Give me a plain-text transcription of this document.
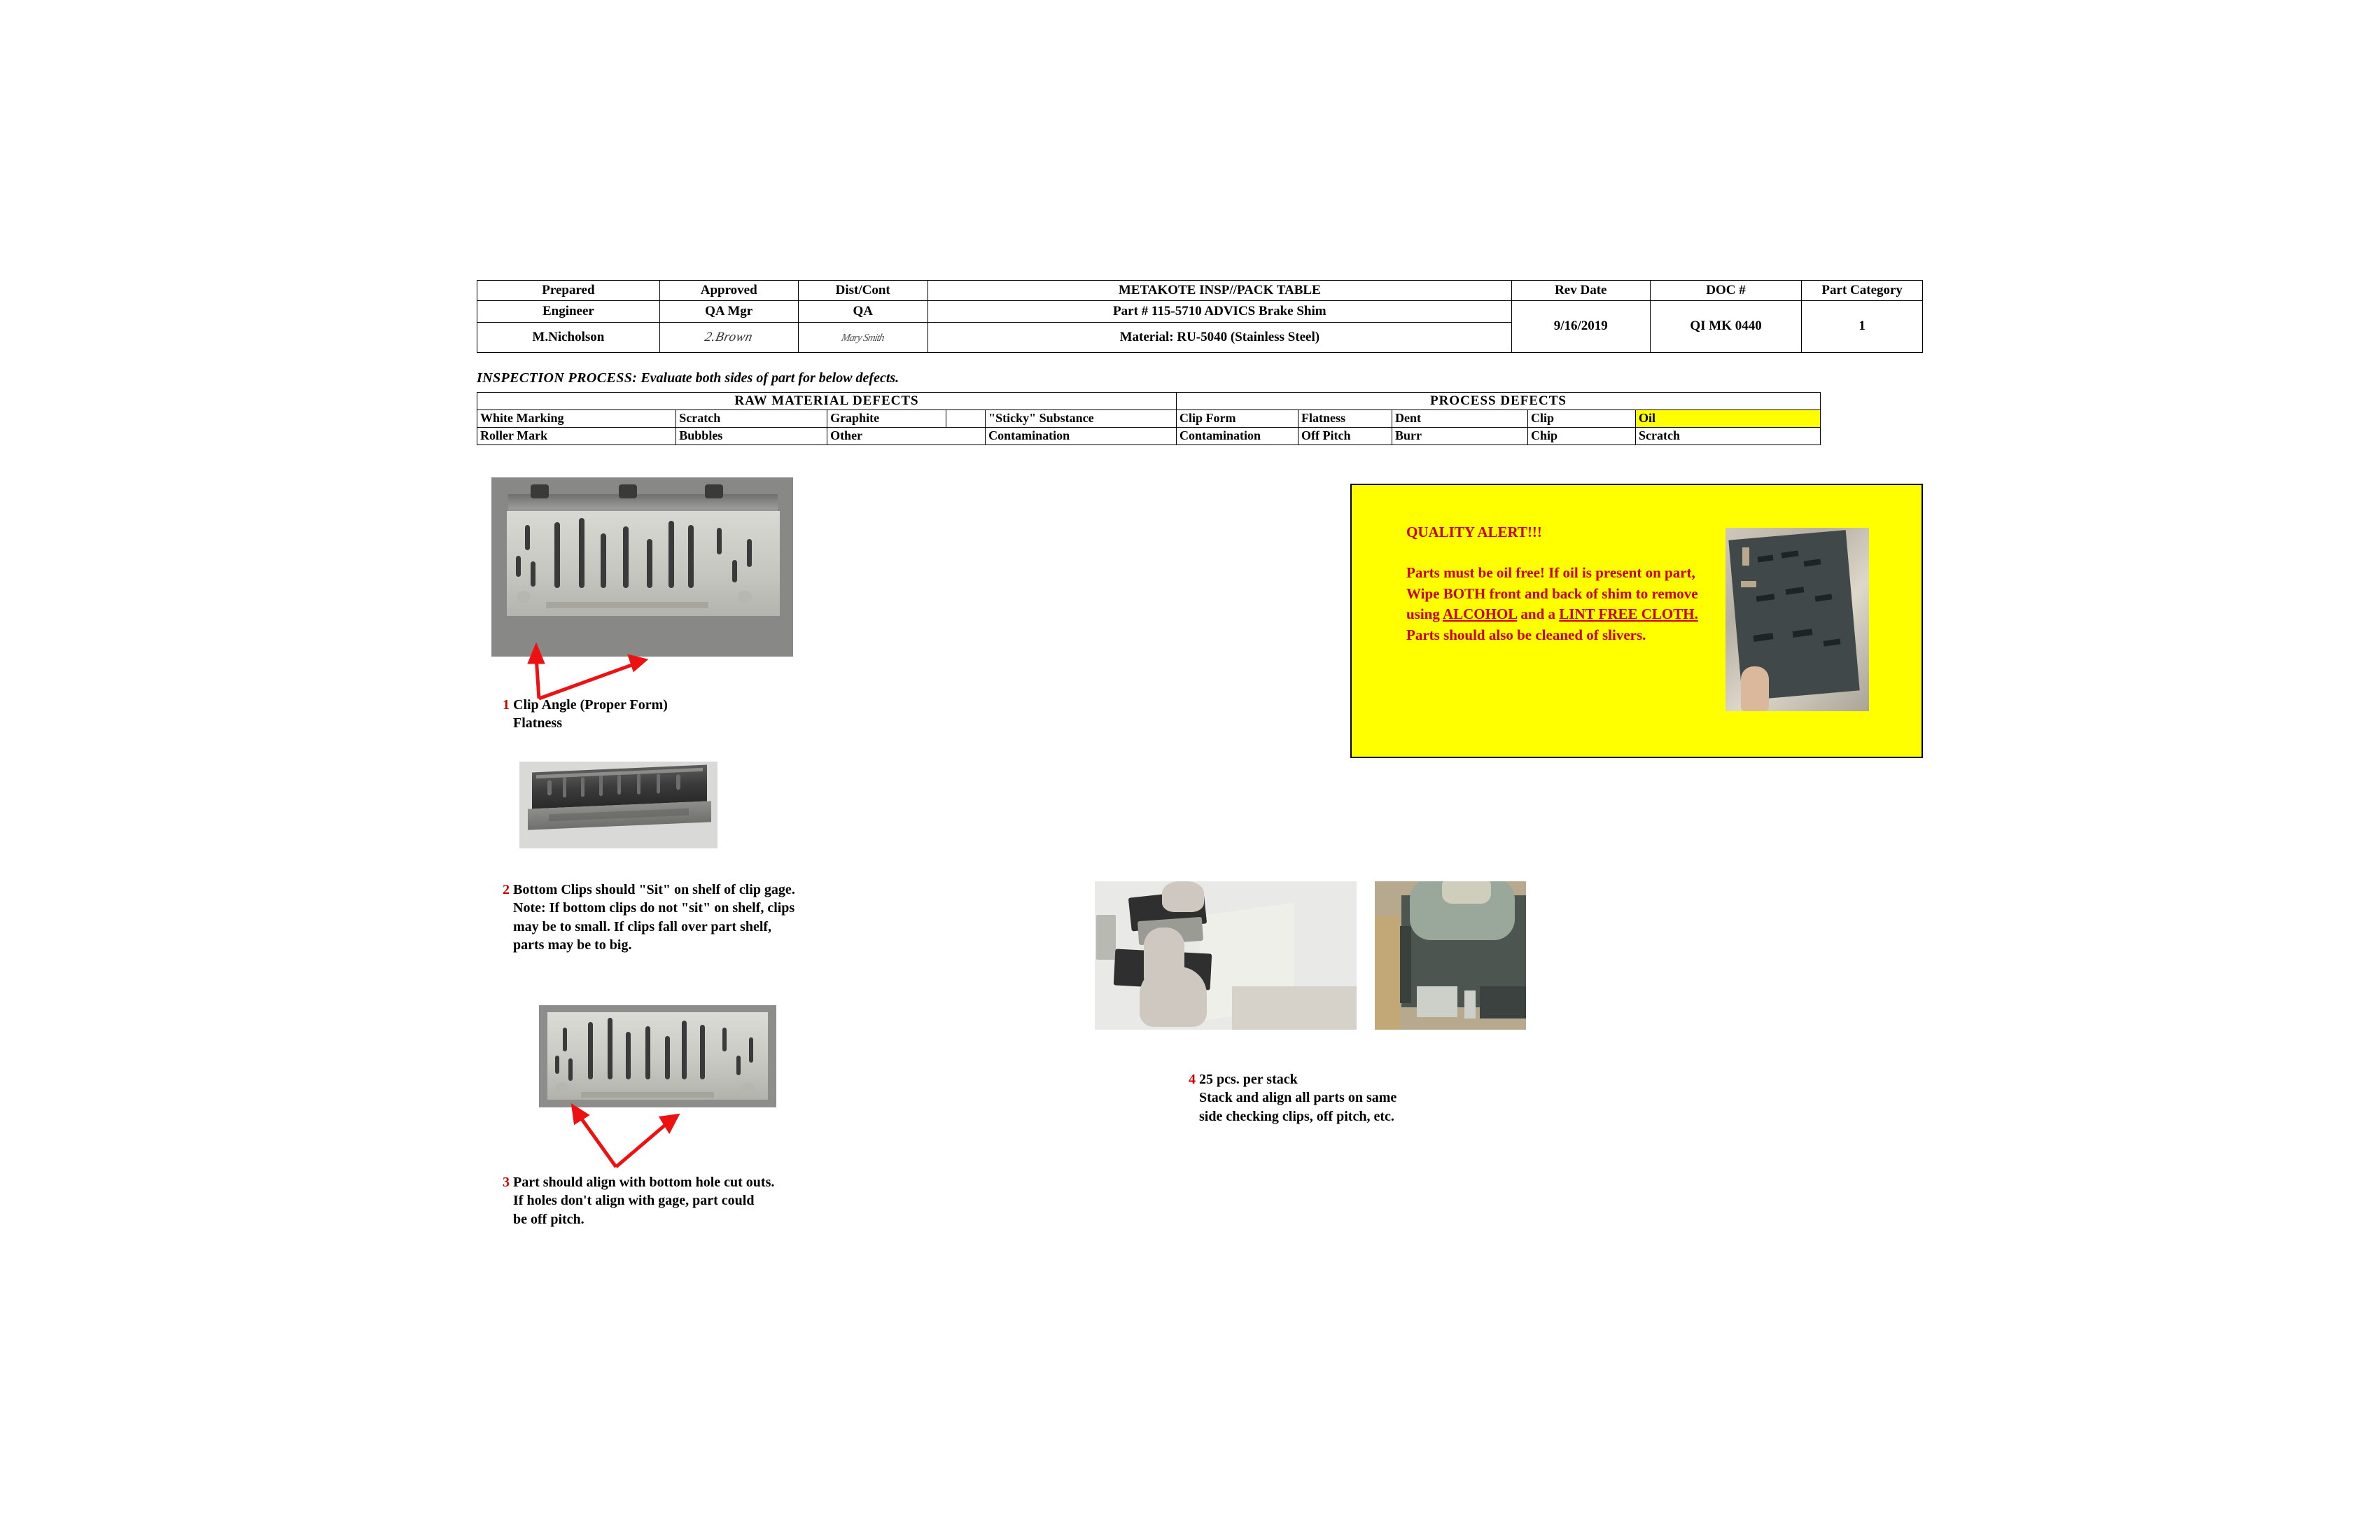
Prepared	Approved	Dist/Cont	METAKOTE INSP//PACK TABLE	Rev Date	DOC #	Part Category
Engineer	QA Mgr	QA	Part # 115-5710 ADVICS Brake Shim	9/16/2019	QI MK 0440	1
M.Nicholson	2.Brown	Mary Smith	Material: RU-5040 (Stainless Steel)			
INSPECTION PROCESS: Evaluate both sides of part for below defects.
RAW MATERIAL DEFECTS					PROCESS DEFECTS				
White Marking	Scratch	Graphite		"Sticky" Substance	Clip Form	Flatness	Dent	Clip	Oil
Roller Mark	Bubbles	Other		Contamination	Contamination	Off Pitch	Burr	Chip	Scratch
1 Clip Angle (Proper Form)
Flatness
2 Bottom Clips should "Sit" on shelf of clip gage.
Note: If bottom clips do not "sit" on shelf, clips
may be to small. If clips fall over part shelf,
parts may be to big.
3 Part should align with bottom hole cut outs.
If holes don't align with gage, part could
be off pitch.
4 25 pcs. per stack
Stack and align all parts on same
side checking clips, off pitch, etc.
QUALITY ALERT!!!
Parts must be oil free! If oil is present on part, Wipe BOTH front and back of shim to remove using ALCOHOL and a LINT FREE CLOTH.
Parts should also be cleaned of slivers.
